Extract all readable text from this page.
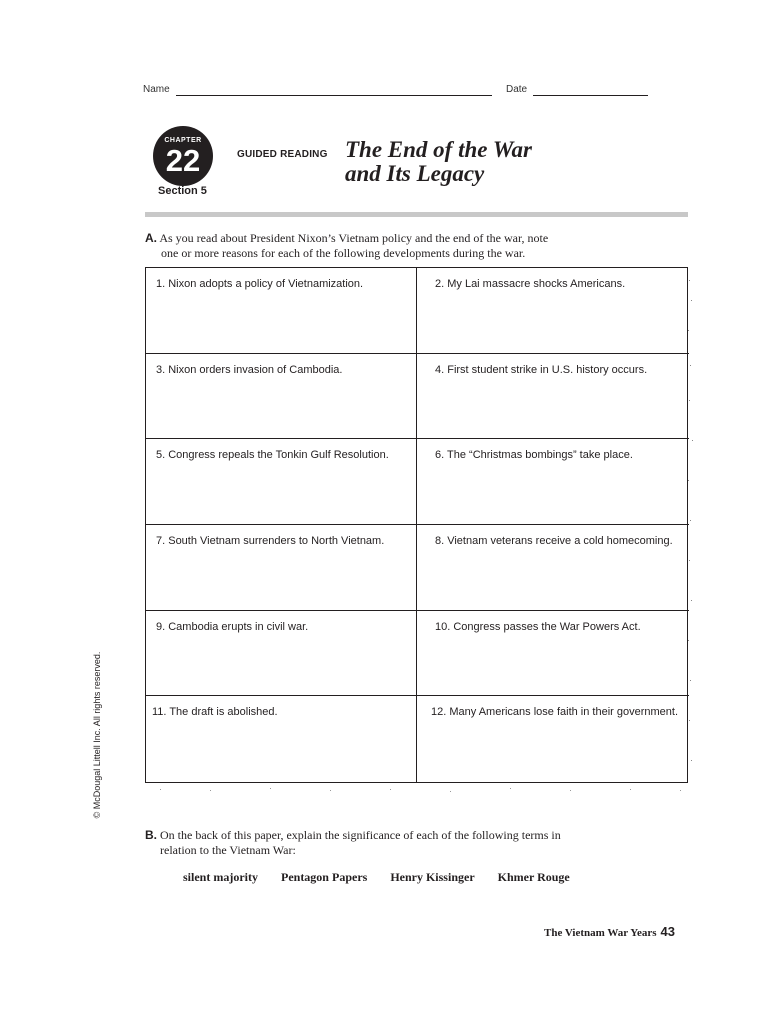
Name	Date
CHAPTER
22
Section 5
GUIDED READING The End of the War
and Its Legacy
A. As you read about President Nixon’s Vietnam policy and the end of the war, note
one or more reasons for each of the following developments during the war.
1. Nixon adopts a policy of Vietnamization.	2. My Lai massacre shocks Americans.
3. Nixon orders invasion of Cambodia.	4. First student strike in U.S. history occurs.
5. Congress repeals the Tonkin Gulf Resolution.	6. The “Christmas bombings” take place.
7. South Vietnam surrenders to North Vietnam.	8. Vietnam veterans receive a cold homecoming.
9. Cambodia erupts in civil war.	10. Congress passes the War Powers Act.
11. The draft is abolished.	12. Many Americans lose faith in their government.
© McDougal Littell Inc. All rights reserved.
B. On the back of this paper, explain the significance of each of the following terms in
relation to the Vietnam War:
silent majority Pentagon Papers Henry Kissinger Khmer Rouge
The Vietnam War Years 43
